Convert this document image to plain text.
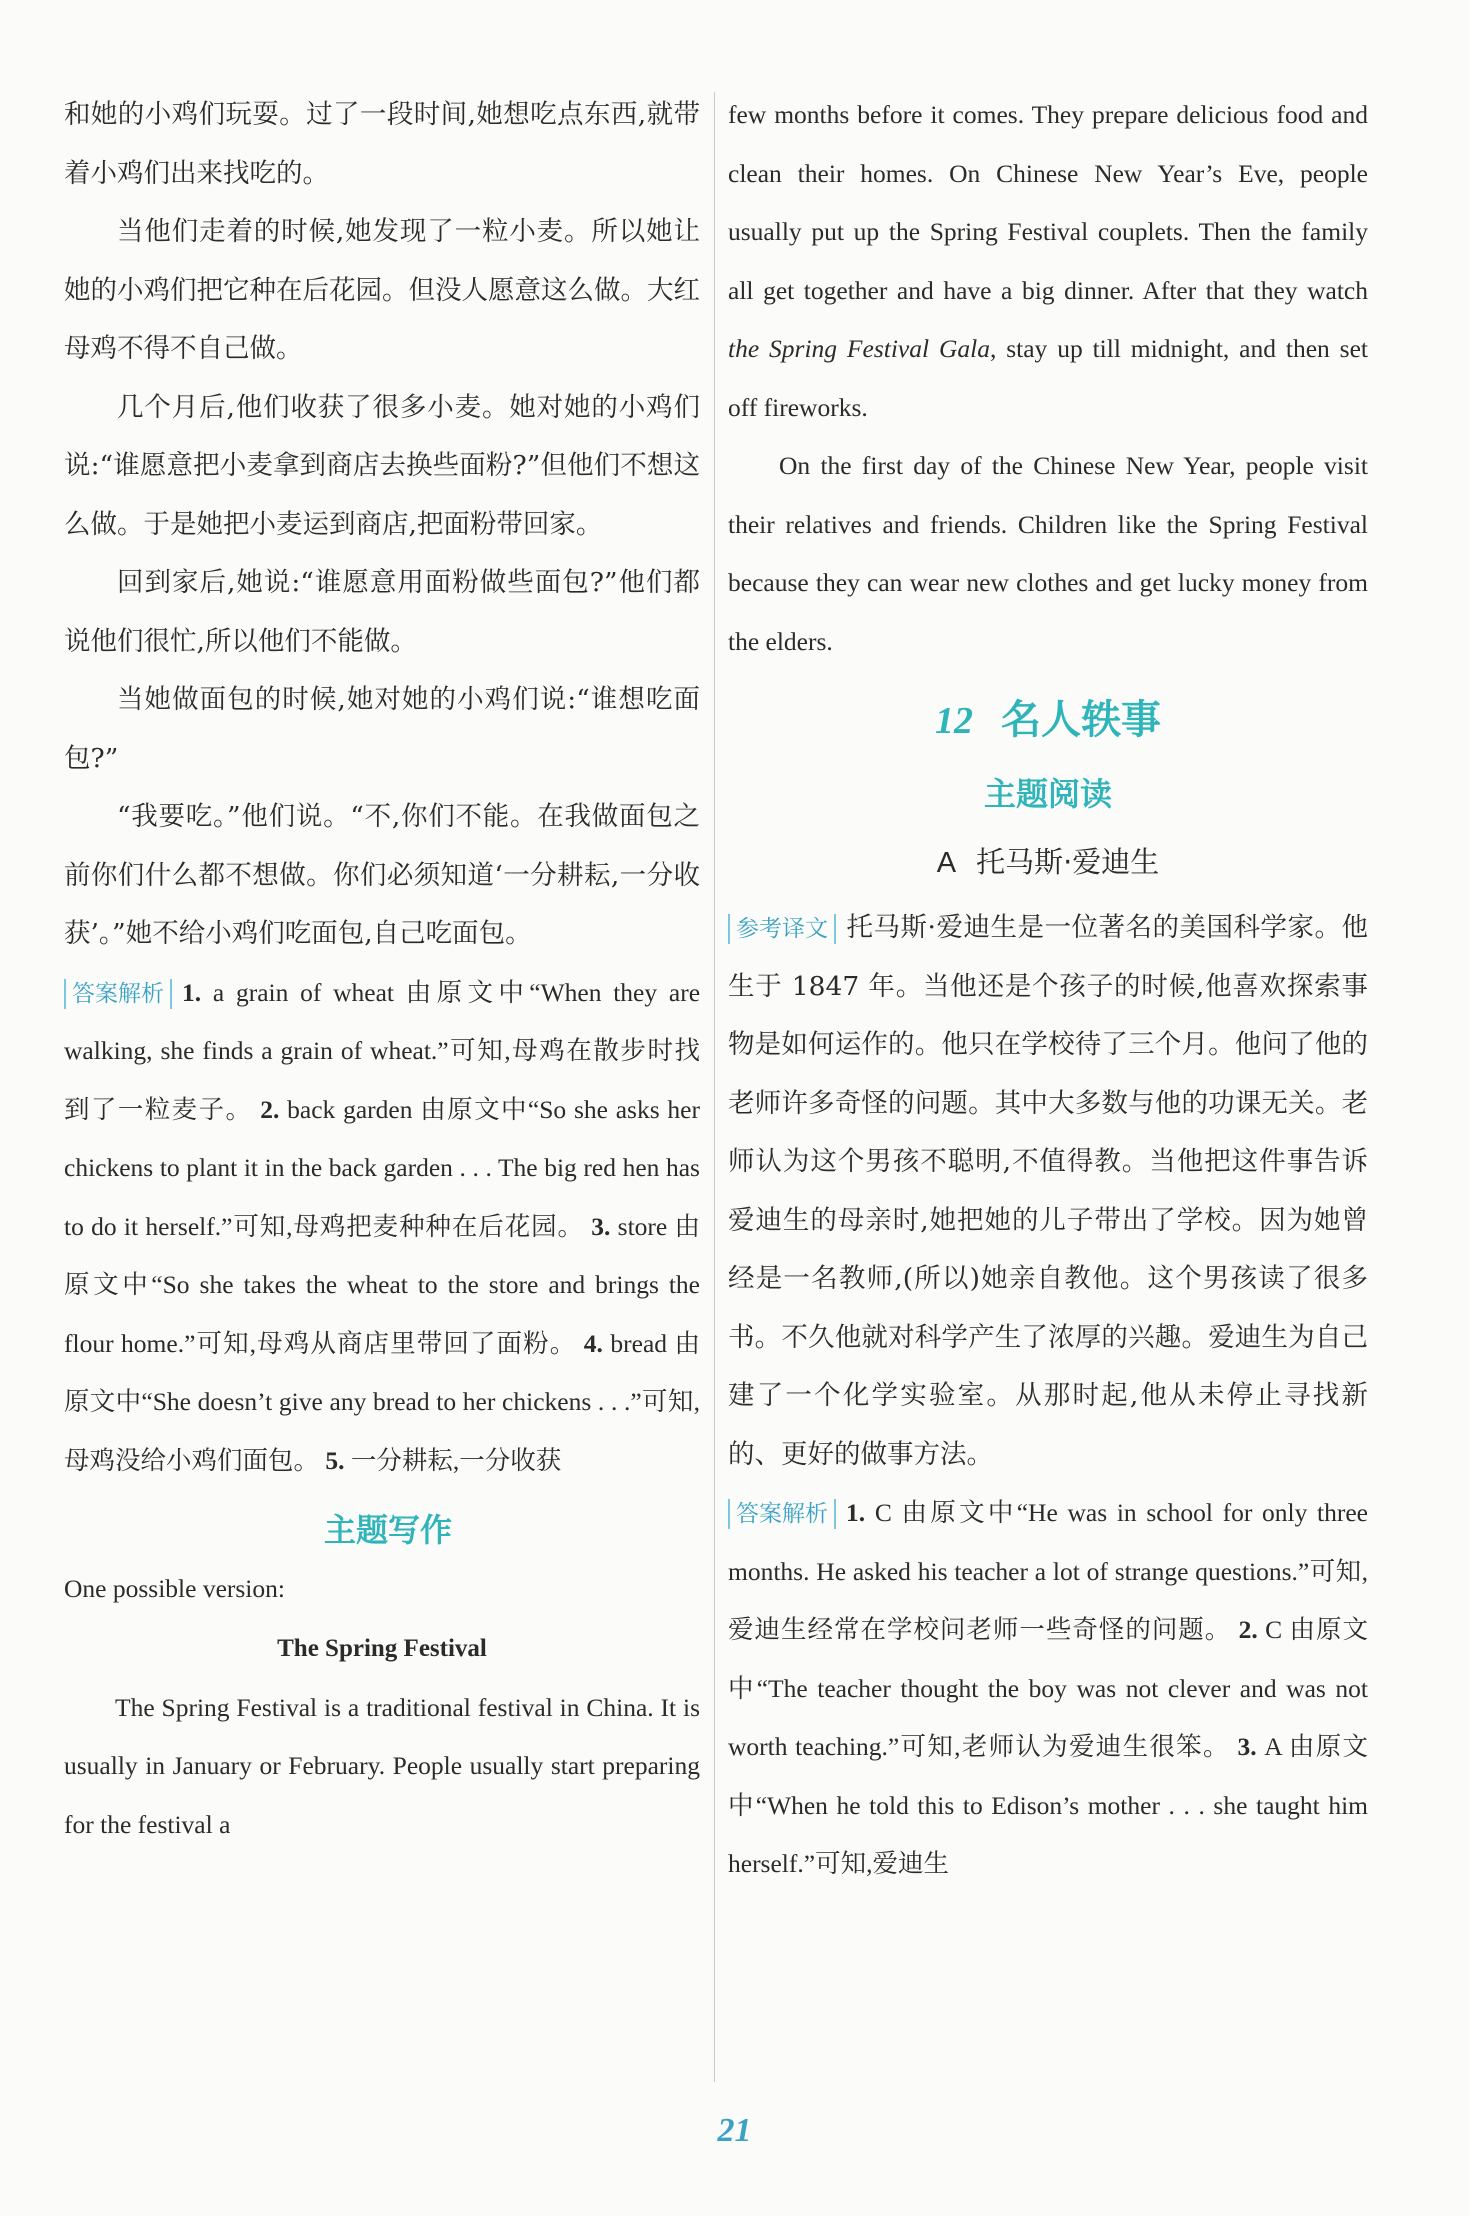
和她的小鸡们玩耍。过了一段时间,她想吃点东西,就带着小鸡们出来找吃的。

当他们走着的时候,她发现了一粒小麦。所以她让她的小鸡们把它种在后花园。但没人愿意这么做。大红母鸡不得不自己做。

几个月后,他们收获了很多小麦。她对她的小鸡们说:“谁愿意把小麦拿到商店去换些面粉?”但他们不想这么做。于是她把小麦运到商店,把面粉带回家。

回到家后,她说:“谁愿意用面粉做些面包?”他们都说他们很忙,所以他们不能做。

当她做面包的时候,她对她的小鸡们说:“谁想吃面包?”

“我要吃。”他们说。“不,你们不能。在我做面包之前你们什么都不想做。你们必须知道‘一分耕耘,一分收获’。”她不给小鸡们吃面包,自己吃面包。

答案解析 1. a grain of wheat 由原文中“When they are walking, she finds a grain of wheat.”可知,母鸡在散步时找到了一粒麦子。 2. back garden 由原文中“So she asks her chickens to plant it in the back garden . . . The big red hen has to do it herself.”可知,母鸡把麦种种在后花园。 3. store 由原文中“So she takes the wheat to the store and brings the flour home.”可知,母鸡从商店里带回了面粉。 4. bread 由原文中“She doesn’t give any bread to her chickens . . .”可知,母鸡没给小鸡们面包。 5. 一分耕耘,一分收获

主题写作

One possible version:

The Spring Festival

The Spring Festival is a traditional festival in China. It is usually in January or February. People usually start preparing for the festival a

few months before it comes. They prepare delicious food and clean their homes. On Chinese New Year’s Eve, people usually put up the Spring Festival couplets. Then the family all get together and have a big dinner. After that they watch the Spring Festival Gala, stay up till midnight, and then set off fireworks.

On the first day of the Chinese New Year, people visit their relatives and friends. Children like the Spring Festival because they can wear new clothes and get lucky money from the elders.

12 名人轶事
主题阅读
A 托马斯·爱迪生

参考译文 托马斯·爱迪生是一位著名的美国科学家。他生于 1847 年。当他还是个孩子的时候,他喜欢探索事物是如何运作的。他只在学校待了三个月。他问了他的老师许多奇怪的问题。其中大多数与他的功课无关。老师认为这个男孩不聪明,不值得教。当他把这件事告诉爱迪生的母亲时,她把她的儿子带出了学校。因为她曾经是一名教师,(所以)她亲自教他。这个男孩读了很多书。不久他就对科学产生了浓厚的兴趣。爱迪生为自己建了一个化学实验室。从那时起,他从未停止寻找新的、更好的做事方法。

答案解析 1. C 由原文中“He was in school for only three months. He asked his teacher a lot of strange questions.”可知,爱迪生经常在学校问老师一些奇怪的问题。 2. C 由原文中“The teacher thought the boy was not clever and was not worth teaching.”可知,老师认为爱迪生很笨。 3. A 由原文中“When he told this to Edison’s mother . . . she taught him herself.”可知,爱迪生

21
